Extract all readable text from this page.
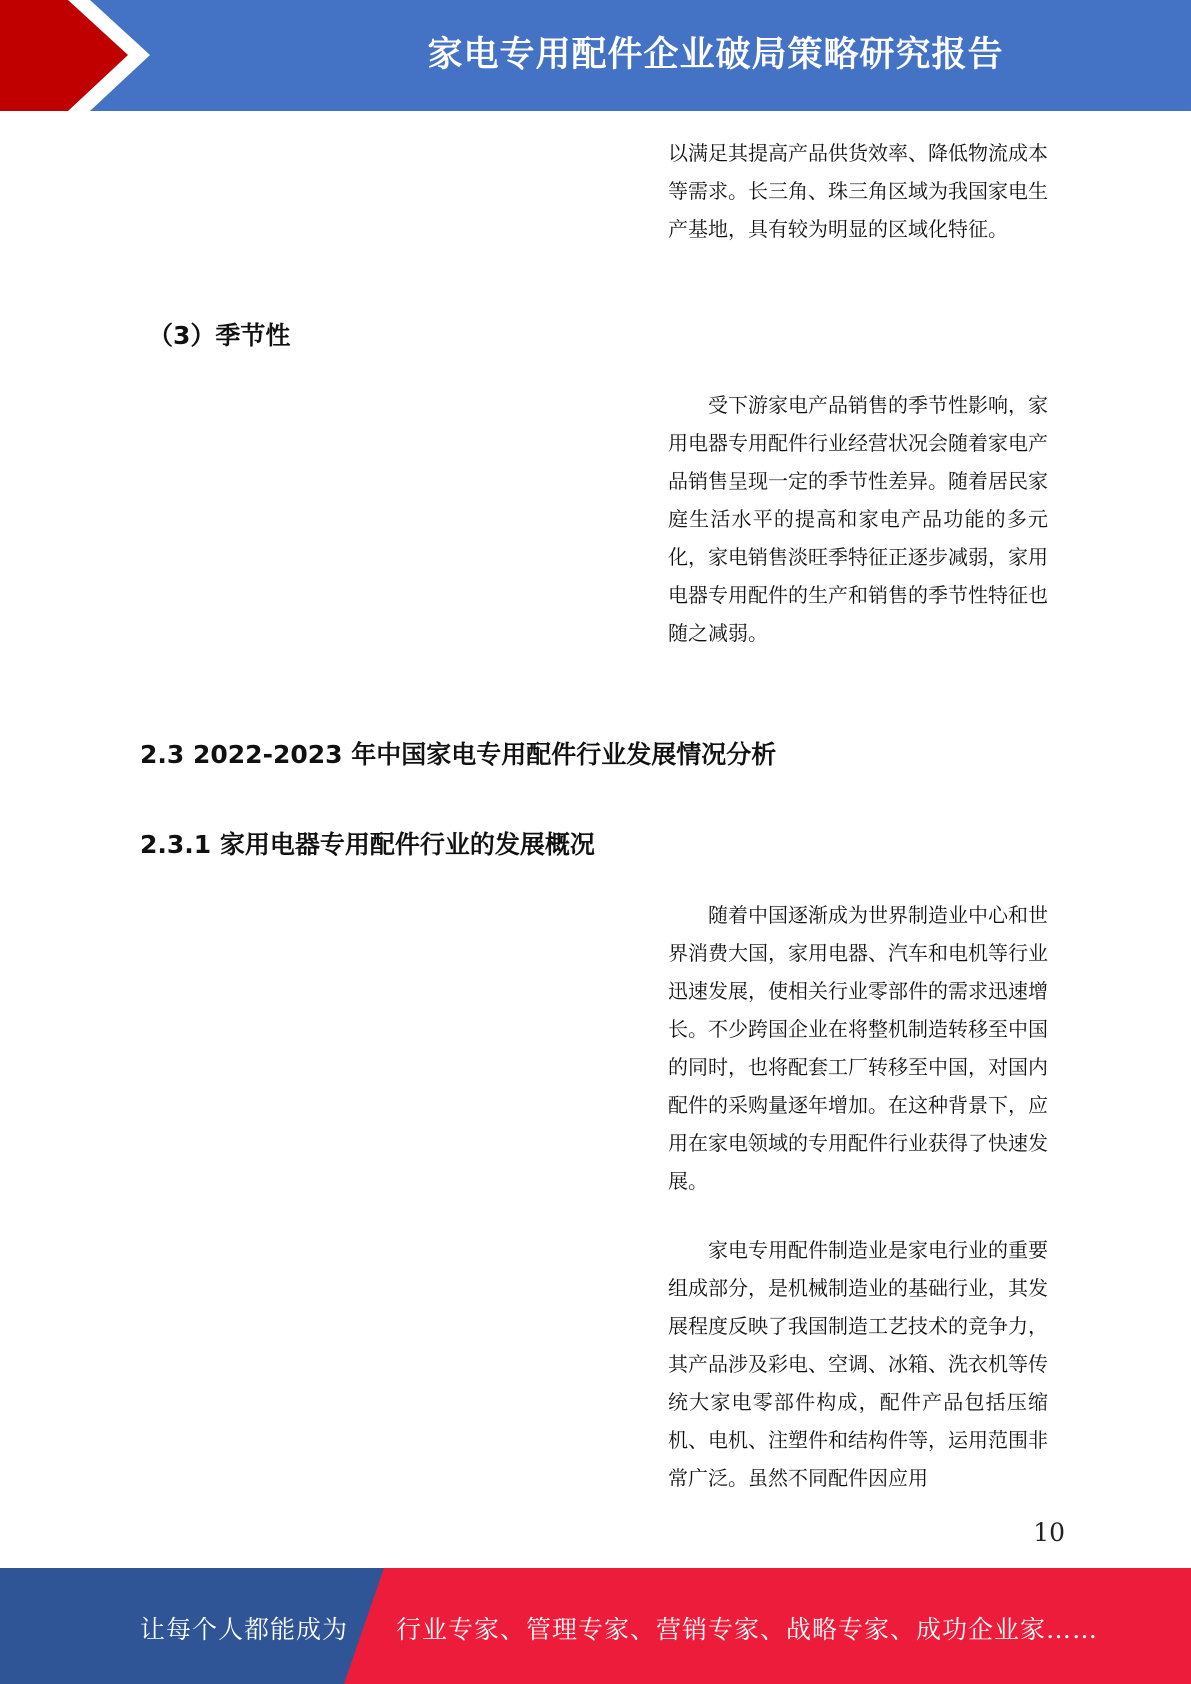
家电专用配件企业破局策略研究报告

以满足其提高产品供货效率、降低物流成本等需求。长三角、珠三角区域为我国家电生产基地，具有较为明显的区域化特征。

（3）季节性

受下游家电产品销售的季节性影响，家用电器专用配件行业经营状况会随着家电产品销售呈现一定的季节性差异。随着居民家庭生活水平的提高和家电产品功能的多元化，家电销售淡旺季特征正逐步减弱，家用电器专用配件的生产和销售的季节性特征也随之减弱。

2.3 2022-2023 年中国家电专用配件行业发展情况分析
2.3.1 家用电器专用配件行业的发展概况

随着中国逐渐成为世界制造业中心和世界消费大国，家用电器、汽车和电机等行业迅速发展，使相关行业零部件的需求迅速增长。不少跨国企业在将整机制造转移至中国的同时，也将配套工厂转移至中国，对国内配件的采购量逐年增加。在这种背景下，应用在家电领域的专用配件行业获得了快速发展。

家电专用配件制造业是家电行业的重要组成部分，是机械制造业的基础行业，其发展程度反映了我国制造工艺技术的竞争力，其产品涉及彩电、空调、冰箱、洗衣机等传统大家电零部件构成，配件产品包括压缩机、电机、注塑件和结构件等，运用范围非常广泛。虽然不同配件因应用

10
让每个人都能成为 行业专家、管理专家、营销专家、战略专家、成功企业家……
